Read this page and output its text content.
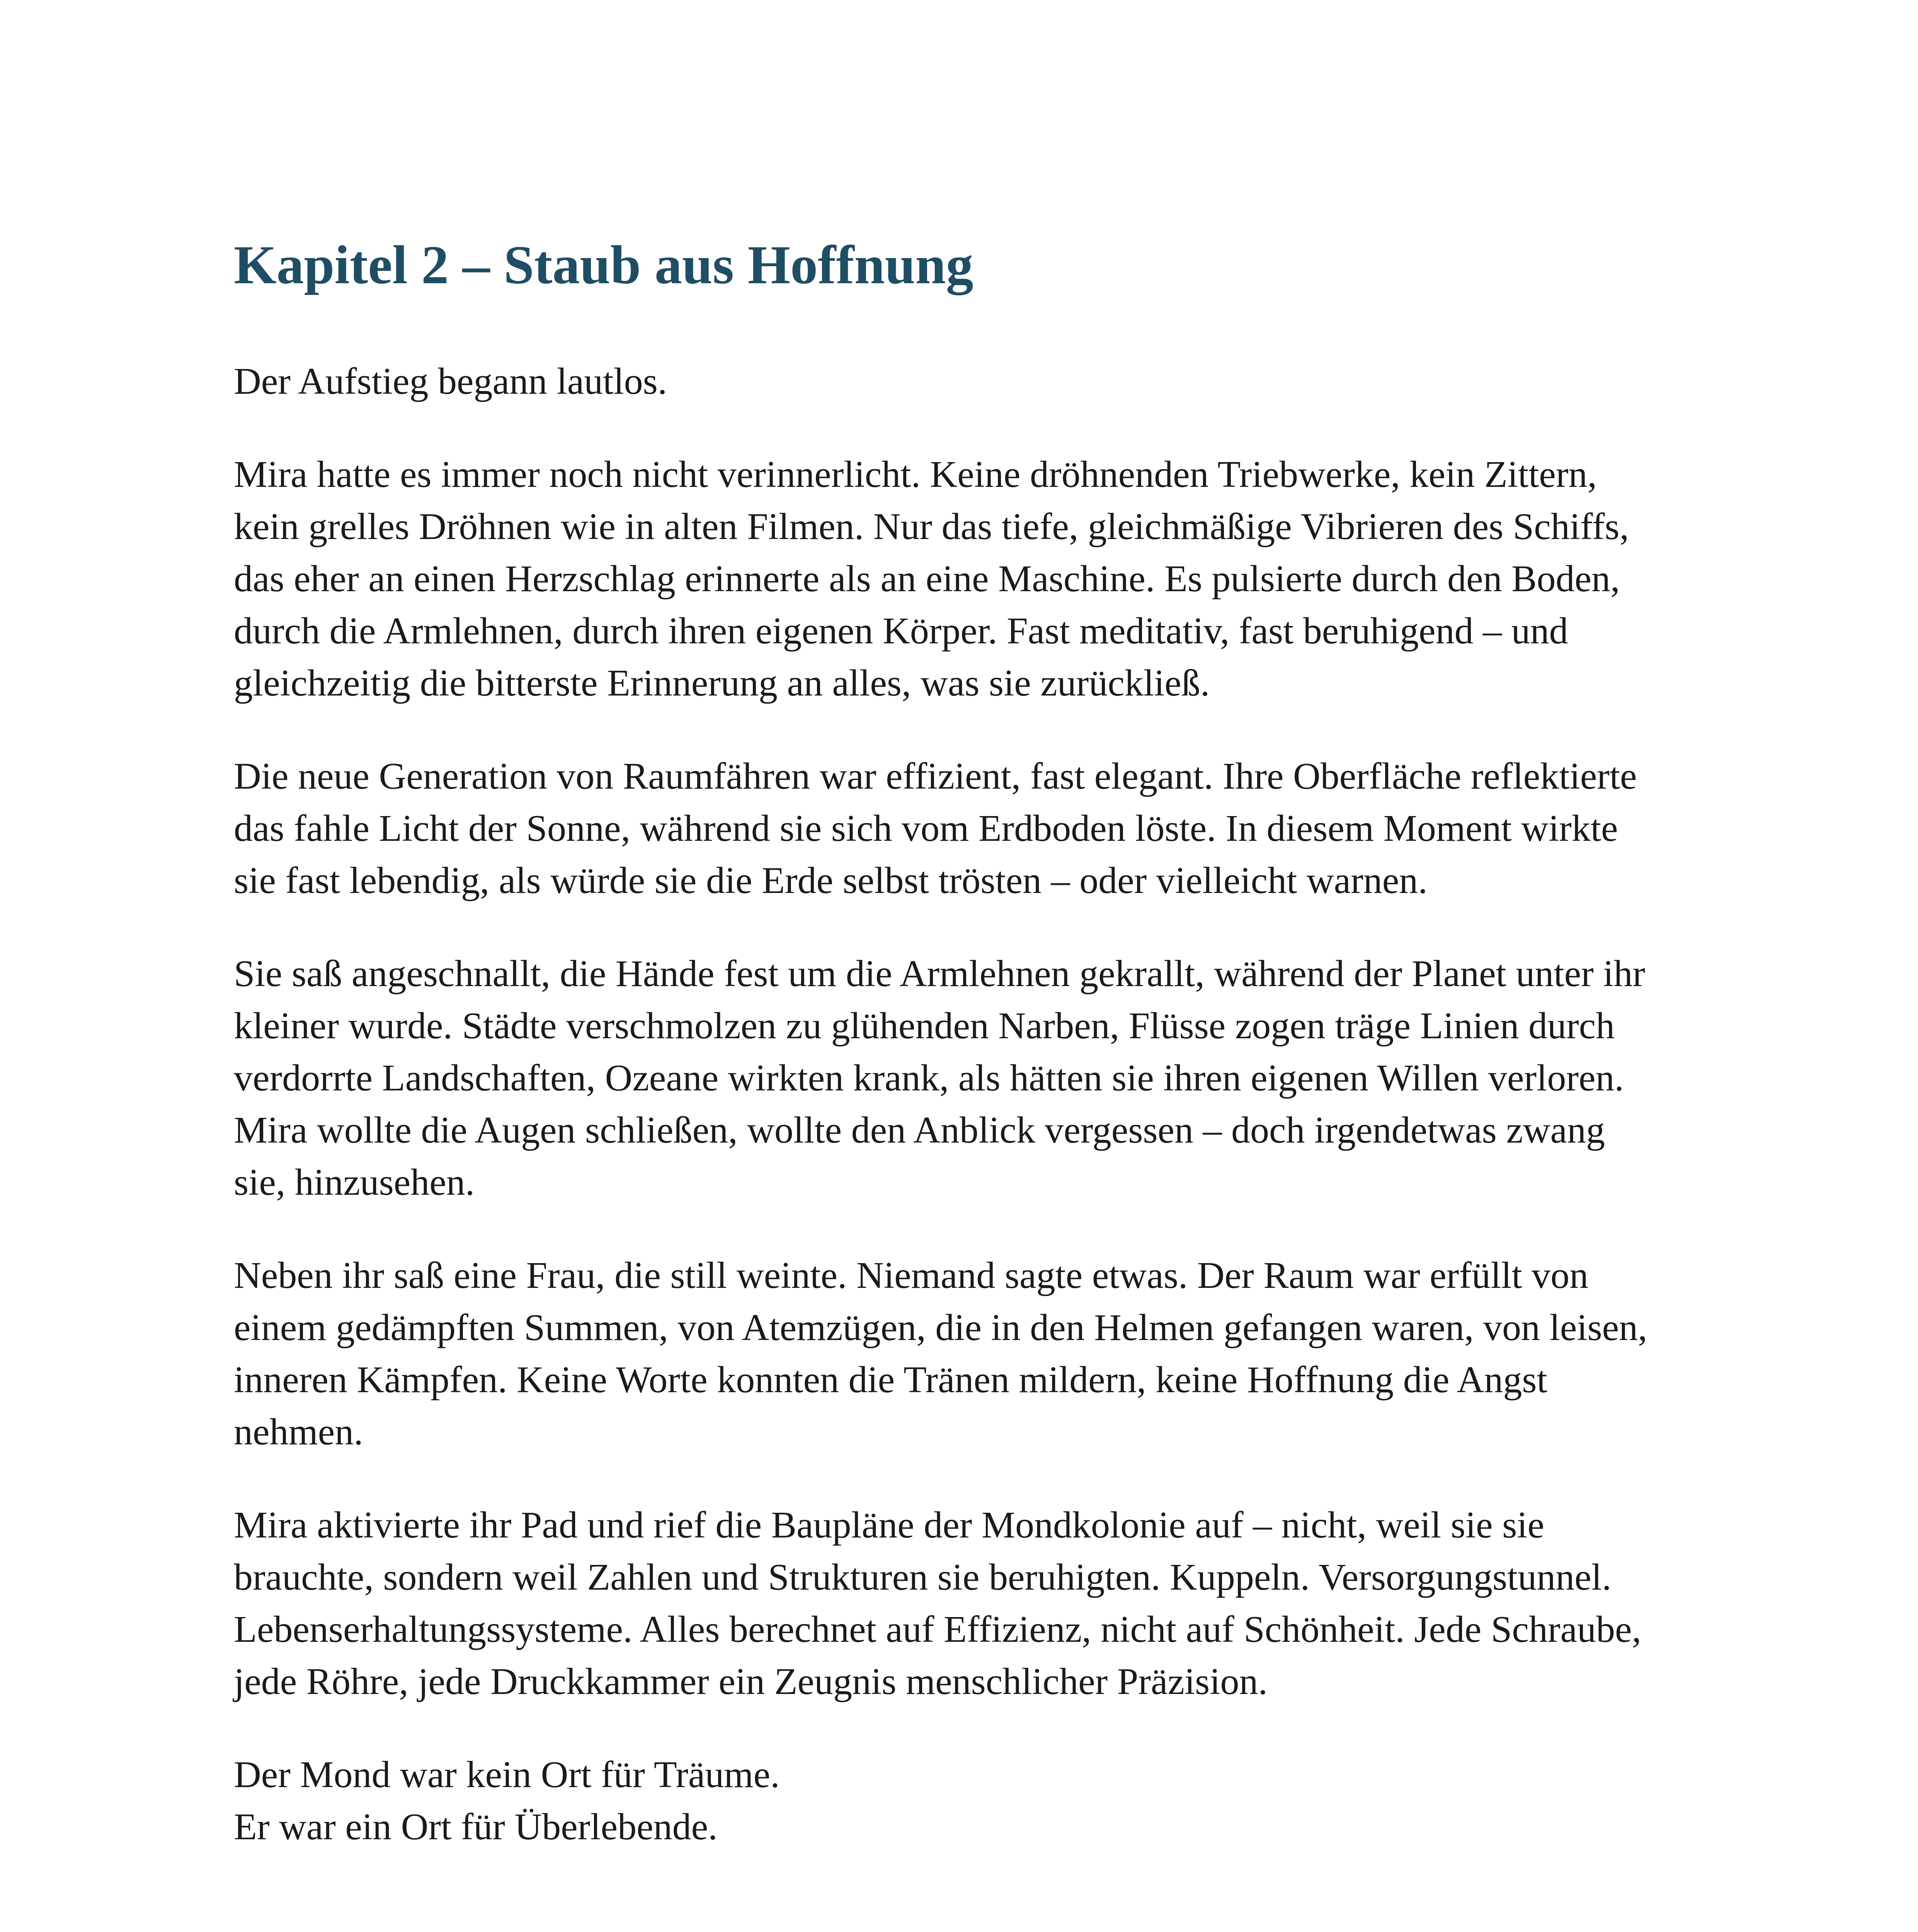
Kapitel 2 – Staub aus Hoffnung

Der Aufstieg begann lautlos.

Mira hatte es immer noch nicht verinnerlicht. Keine dröhnenden Triebwerke, kein Zittern,
kein grelles Dröhnen wie in alten Filmen. Nur das tiefe, gleichmäßige Vibrieren des Schiffs,
das eher an einen Herzschlag erinnerte als an eine Maschine. Es pulsierte durch den Boden,
durch die Armlehnen, durch ihren eigenen Körper. Fast meditativ, fast beruhigend – und
gleichzeitig die bitterste Erinnerung an alles, was sie zurückließ.

Die neue Generation von Raumfähren war effizient, fast elegant. Ihre Oberfläche reflektierte
das fahle Licht der Sonne, während sie sich vom Erdboden löste. In diesem Moment wirkte
sie fast lebendig, als würde sie die Erde selbst trösten – oder vielleicht warnen.

Sie saß angeschnallt, die Hände fest um die Armlehnen gekrallt, während der Planet unter ihr
kleiner wurde. Städte verschmolzen zu glühenden Narben, Flüsse zogen träge Linien durch
verdorrte Landschaften, Ozeane wirkten krank, als hätten sie ihren eigenen Willen verloren.
Mira wollte die Augen schließen, wollte den Anblick vergessen – doch irgendetwas zwang
sie, hinzusehen.

Neben ihr saß eine Frau, die still weinte. Niemand sagte etwas. Der Raum war erfüllt von
einem gedämpften Summen, von Atemzügen, die in den Helmen gefangen waren, von leisen,
inneren Kämpfen. Keine Worte konnten die Tränen mildern, keine Hoffnung die Angst
nehmen.

Mira aktivierte ihr Pad und rief die Baupläne der Mondkolonie auf – nicht, weil sie sie
brauchte, sondern weil Zahlen und Strukturen sie beruhigten. Kuppeln. Versorgungstunnel.
Lebenserhaltungssysteme. Alles berechnet auf Effizienz, nicht auf Schönheit. Jede Schraube,
jede Röhre, jede Druckkammer ein Zeugnis menschlicher Präzision.

Der Mond war kein Ort für Träume.
Er war ein Ort für Überlebende.
